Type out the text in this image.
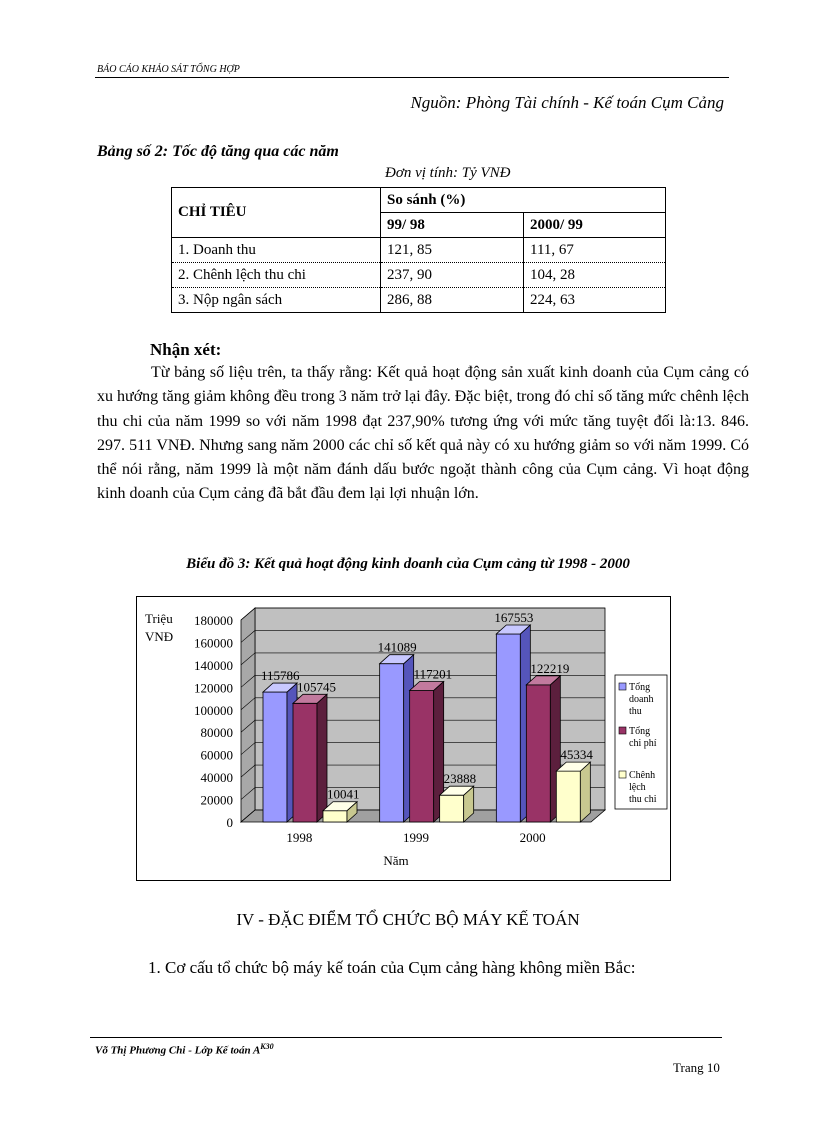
BÁO CÁO KHẢO SÁT TỔNG HỢP
Nguồn: Phòng Tài chính - Kế toán Cụm Cảng
Bảng số 2: Tốc độ tăng qua các năm
Đơn vị tính: Tỷ VNĐ
CHỈ TIÊU	So sánh (%)	
	99/ 98	2000/ 99
1. Doanh thu	121, 85	111, 67
2. Chênh lệch thu chi	237, 90	104, 28
3. Nộp ngân sách	286, 88	224, 63
Nhận xét:
Từ bảng số liệu trên, ta thấy rằng: Kết quả hoạt động sản xuất kinh doanh của Cụm cảng có xu hướng tăng giảm không đều trong 3 năm trở lại đây. Đặc biệt, trong đó chỉ số tăng mức chênh lệch thu chi của năm 1999 so với năm 1998 đạt 237,90% tương ứng với mức tăng tuyệt đối là:13. 846. 297. 511 VNĐ. Nhưng sang năm 2000 các chỉ số kết quả này có xu hướng giảm so với năm 1999. Có thể nói rằng, năm 1999 là một năm đánh dấu bước ngoặt thành công của Cụm cảng. Vì hoạt động kinh doanh của Cụm cảng đã bắt đầu đem lại lợi nhuận lớn.
Biểu đồ 3: Kết quả hoạt động kinh doanh của Cụm cảng từ 1998 - 2000
0
20000
40000
60000
80000
100000
120000
140000
160000
180000
Triệu
VNĐ
115786
105745
10041
1998
141089
117201
23888
1999
167553
122219
45334
2000
Năm
Tổng
doanh
thu
Tổng
chi phí
Chênh
lệch
thu chi
IV - ĐẶC ĐIỂM TỔ CHỨC BỘ MÁY KẾ TOÁN
1. Cơ cấu tổ chức bộ máy kế toán của Cụm cảng hàng không miền Bắc:
Võ Thị Phương Chi - Lớp Kế toán $A^{K30}$
Trang 10
